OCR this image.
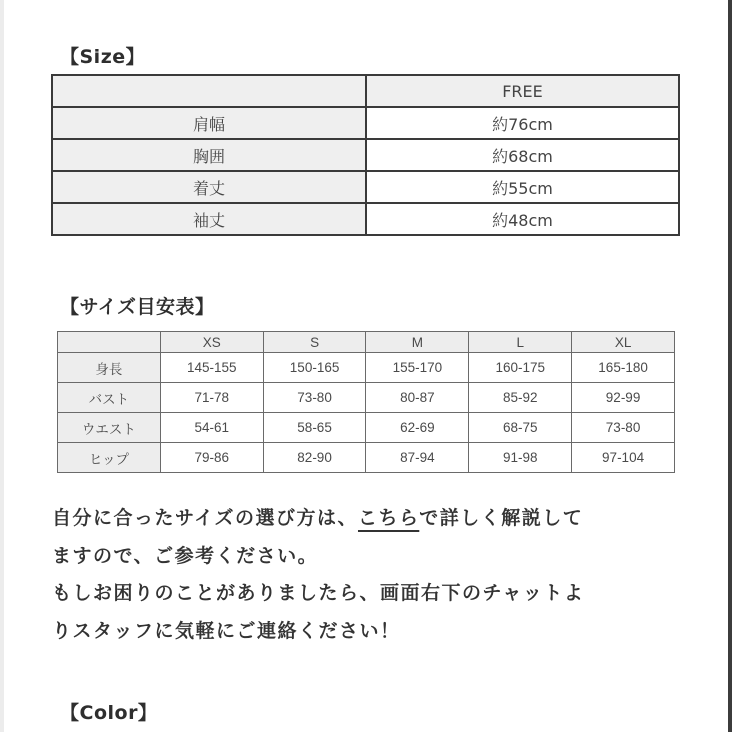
【Size】
	FREE
肩幅	約76cm
胸囲	約68cm
着丈	約55cm
袖丈	約48cm
【サイズ目安表】
	XS	S	M	L	XL
身長	145-155	150-165	155-170	160-175	165-180
バスト	71-78	73-80	80-87	85-92	92-99
ウエスト	54-61	58-65	62-69	68-75	73-80
ヒップ	79-86	82-90	87-94	91-98	97-104
自分に合ったサイズの選び方は、こちらで詳しく解説して
ますので、ご参考ください。
もしお困りのことがありましたら、画面右下のチャットよ
りスタッフに気軽にご連絡ください！
【Color】
